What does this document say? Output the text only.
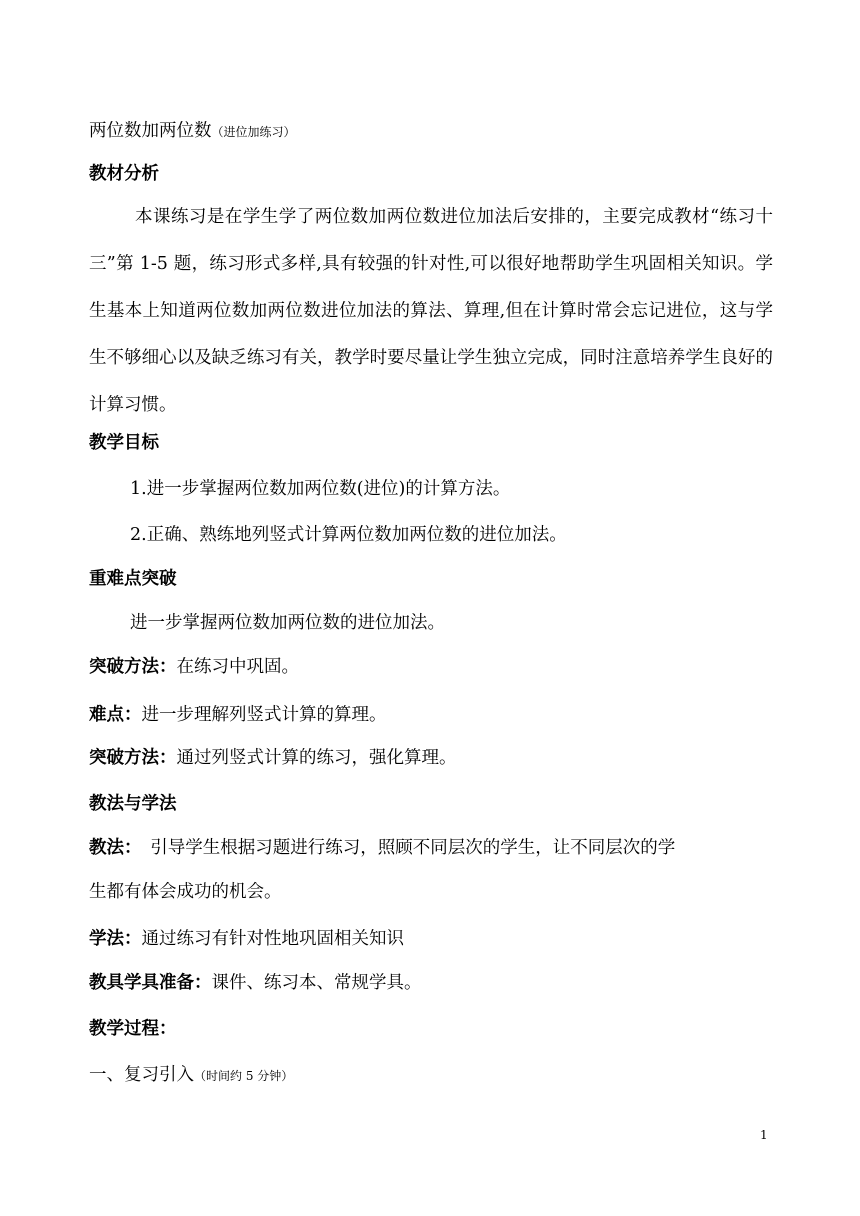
两位数加两位数（进位加练习）
教材分析

本课练习是在学生学了两位数加两位数进位加法后安排的，主要完成教材“练习十三”第 1-5 题，练习形式多样,具有较强的针对性,可以很好地帮助学生巩固相关知识。学生基本上知道两位数加两位数进位加法的算法、算理,但在计算时常会忘记进位，这与学生不够细心以及缺乏练习有关，教学时要尽量让学生独立完成，同时注意培养学生良好的计算习惯。

教学目标
1.进一步掌握两位数加两位数(进位)的计算方法。
2.正确、熟练地列竖式计算两位数加两位数的进位加法。
重难点突破
进一步掌握两位数加两位数的进位加法。
突破方法：在练习中巩固。
难点：进一步理解列竖式计算的算理。
突破方法：通过列竖式计算的练习，强化算理。
教法与学法
教法：　引导学生根据习题进行练习，照顾不同层次的学生，让不同层次的学
生都有体会成功的机会。
学法：通过练习有针对性地巩固相关知识
教具学具准备：课件、练习本、常规学具。
教学过程：
一、复习引入（时间约 5 分钟）
1
